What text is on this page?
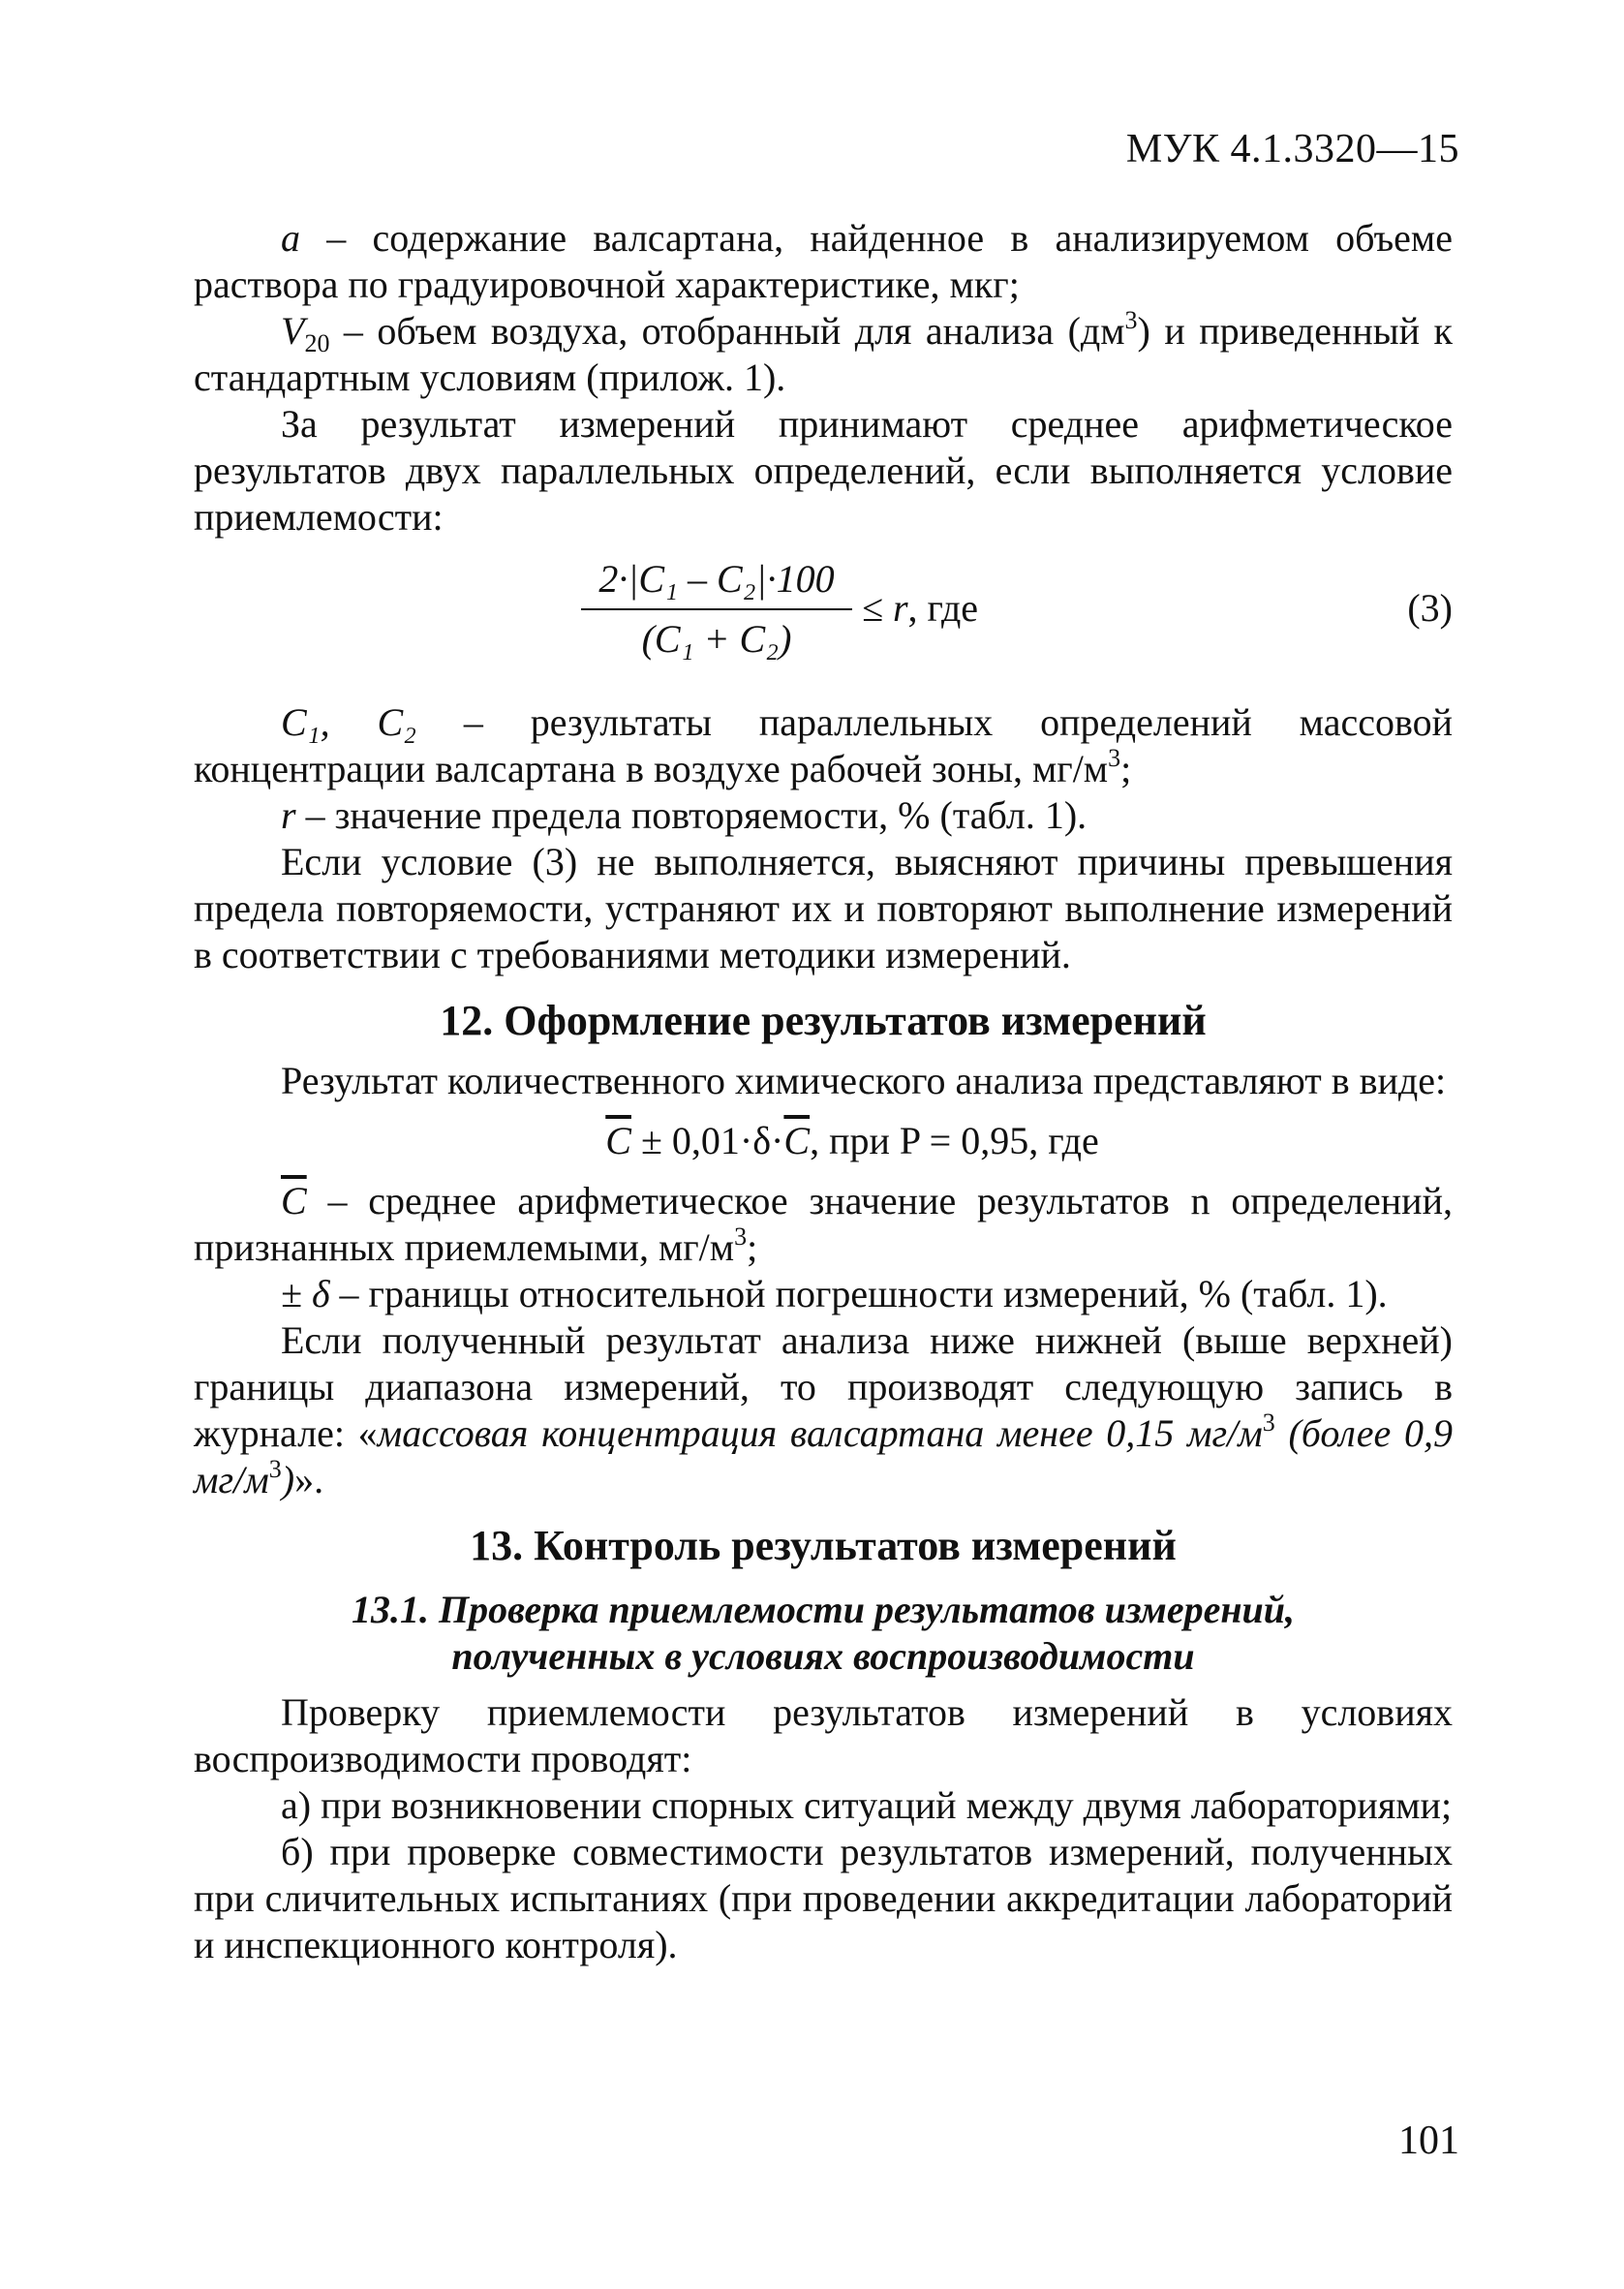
МУК 4.1.3320—15

a – содержание валсартана, найденное в анализируемом объеме раствора по градуировочной характеристике, мкг;

$V_{20}$ – объем воздуха, отобранный для анализа $(дм^3)$ и приведенный к стандартным условиям (прилож. 1).

За результат измерений принимают среднее арифметическое результатов двух параллельных определений, если выполняется условие приемлемости:

2·|C₁ – C₂|·100
(C₁ + C₂)
≤ r, где	(3)

C₁, C₂ – результаты параллельных определений массовой концентрации валсартана в воздухе рабочей зоны, $мг/м^3$;

r – значение предела повторяемости, % (табл. 1).

Если условие (3) не выполняется, выясняют причины превышения предела повторяемости, устраняют их и повторяют выполнение измерений в соответствии с требованиями методики измерений.

12. Оформление результатов измерений

Результат количественного химического анализа представляют в виде:

$\overline{C} \pm 0,01\cdot\delta\cdot\overline{C}$, при P = 0,95, где

$\overline{C}$ – среднее арифметическое значение результатов n определений, признанных приемлемыми, $мг/м^3$;

± δ – границы относительной погрешности измерений, % (табл. 1).

Если полученный результат анализа ниже нижней (выше верхней) границы диапазона измерений, то производят следующую запись в журнале: «массовая концентрация валсартана менее 0,15 $мг/м^3$ (более 0,9 $мг/м^3$)».

13. Контроль результатов измерений
13.1. Проверка приемлемости результатов измерений,
полученных в условиях воспроизводимости

Проверку приемлемости результатов измерений в условиях воспроизводимости проводят:

а) при возникновении спорных ситуаций между двумя лабораториями;

б) при проверке совместимости результатов измерений, полученных при сличительных испытаниях (при проведении аккредитации лабораторий и инспекционного контроля).

101
